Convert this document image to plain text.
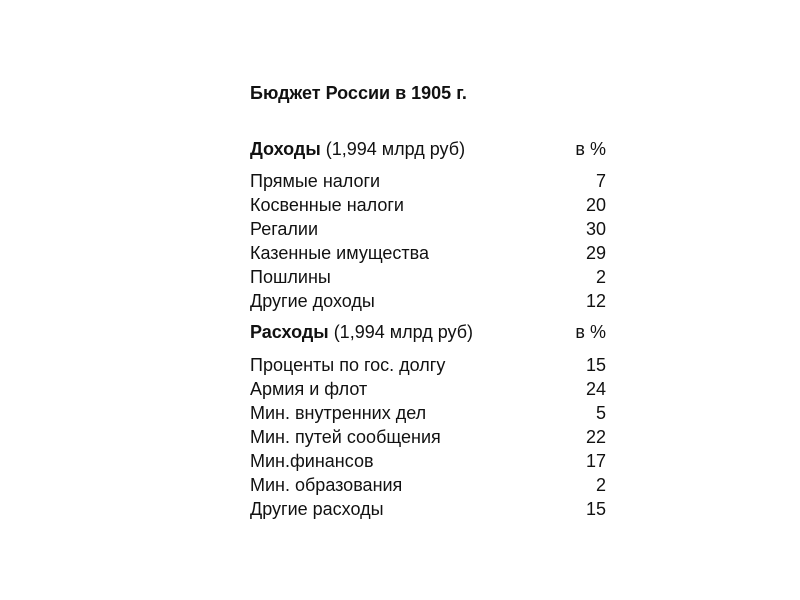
Бюджет России в 1905 г.
Доходы (1,994 млрд руб)	в %
Прямые налоги	7
Косвенные налоги	20
Регалии	30
Казенные имущества	29
Пошлины	2
Другие доходы	12
Расходы (1,994 млрд руб)	в %
Проценты по гос. долгу	15
Армия и флот	24
Мин. внутренних дел	5
Мин. путей сообщения	22
Мин.финансов	17
Мин. образования	2
Другие расходы	15
